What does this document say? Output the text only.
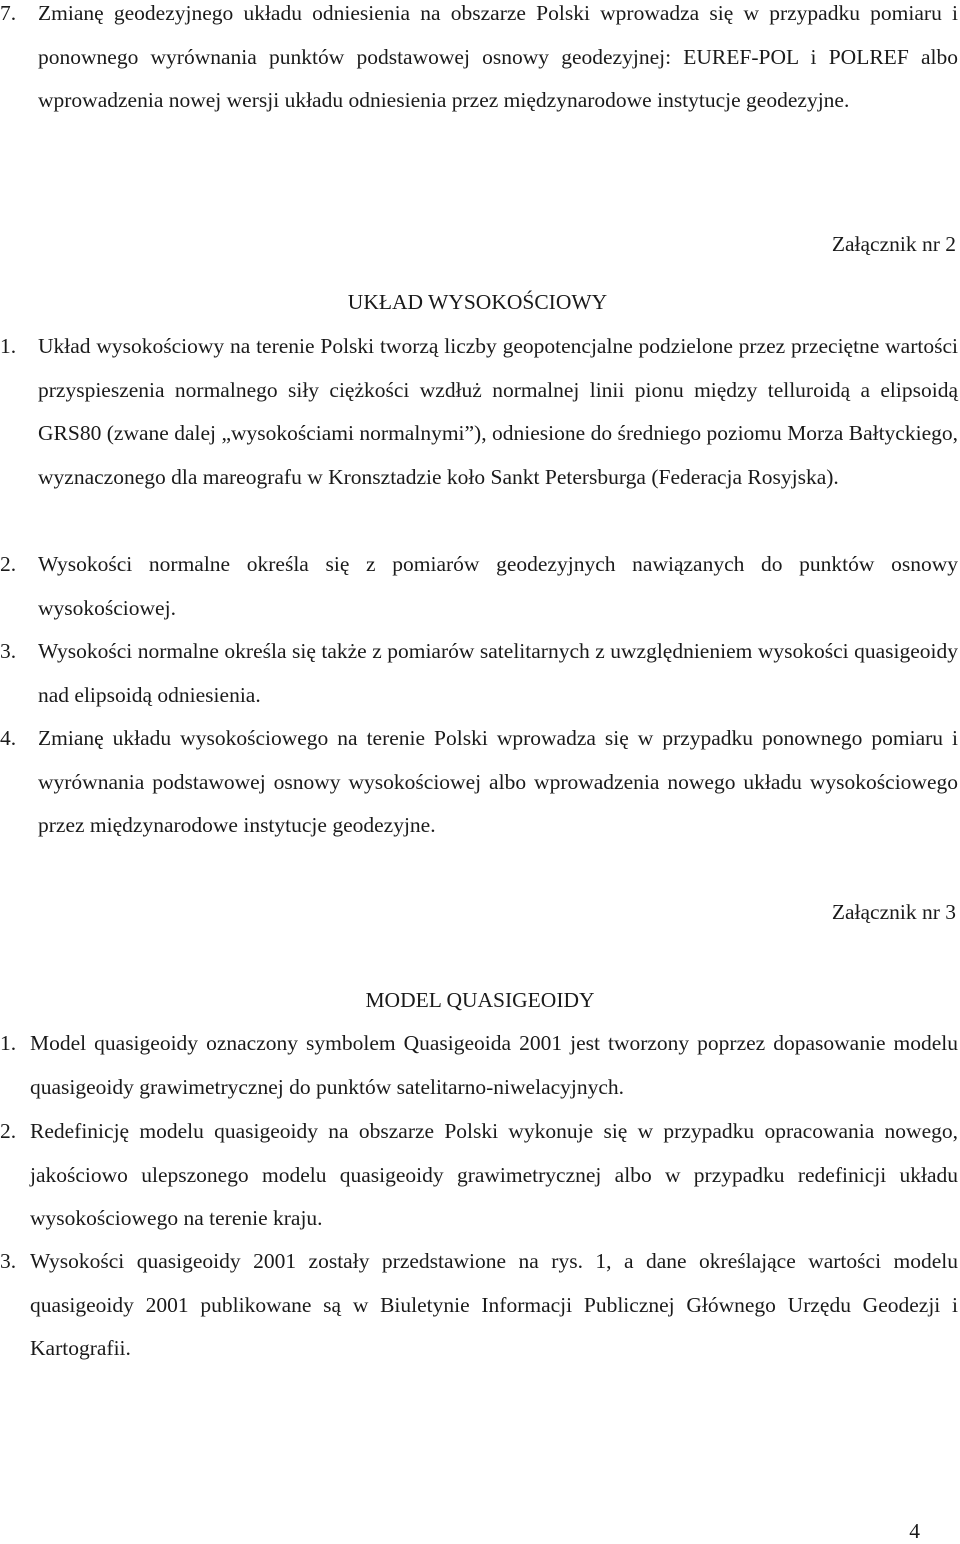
7. Zmianę geodezyjnego układu odniesienia na obszarze Polski wprowadza się w przypadku pomiaru i ponownego wyrównania punktów podstawowej osnowy geodezyjnej: EUREF-POL i POLREF albo wprowadzenia nowej wersji układu odniesienia przez międzynarodowe instytucje geodezyjne.
Załącznik nr 2
UKŁAD WYSOKOŚCIOWY
1. Układ wysokościowy na terenie Polski tworzą liczby geopotencjalne podzielone przez przeciętne wartości przyspieszenia normalnego siły ciężkości wzdłuż normalnej linii pionu między telluroidą a elipsoidą GRS80 (zwane dalej „wysokościami normalnymi”), odniesione do średniego poziomu Morza Bałtyckiego, wyznaczonego dla mareografu w Kronsztadzie koło Sankt Petersburga (Federacja Rosyjska).
2. Wysokości normalne określa się z pomiarów geodezyjnych nawiązanych do punktów osnowy wysokościowej.
3. Wysokości normalne określa się także z pomiarów satelitarnych z uwzględnieniem wysokości quasigeoidy nad elipsoidą odniesienia.
4. Zmianę układu wysokościowego na terenie Polski wprowadza się w przypadku ponownego pomiaru i wyrównania podstawowej osnowy wysokościowej albo wprowadzenia nowego układu wysokościowego przez międzynarodowe instytucje geodezyjne.
Załącznik nr 3
MODEL QUASIGEOIDY
1. Model quasigeoidy oznaczony symbolem Quasigeoida 2001 jest tworzony poprzez dopasowanie modelu quasigeoidy grawimetrycznej do punktów satelitarno-niwelacyjnych.
2. Redefinicję modelu quasigeoidy na obszarze Polski wykonuje się w przypadku opracowania nowego, jakościowo ulepszonego modelu quasigeoidy grawimetrycznej albo w przypadku redefinicji układu wysokościowego na terenie kraju.
3. Wysokości quasigeoidy 2001 zostały przedstawione na rys. 1, a dane określające wartości modelu quasigeoidy 2001 publikowane są w Biuletynie Informacji Publicznej Głównego Urzędu Geodezji i Kartografii.
4
